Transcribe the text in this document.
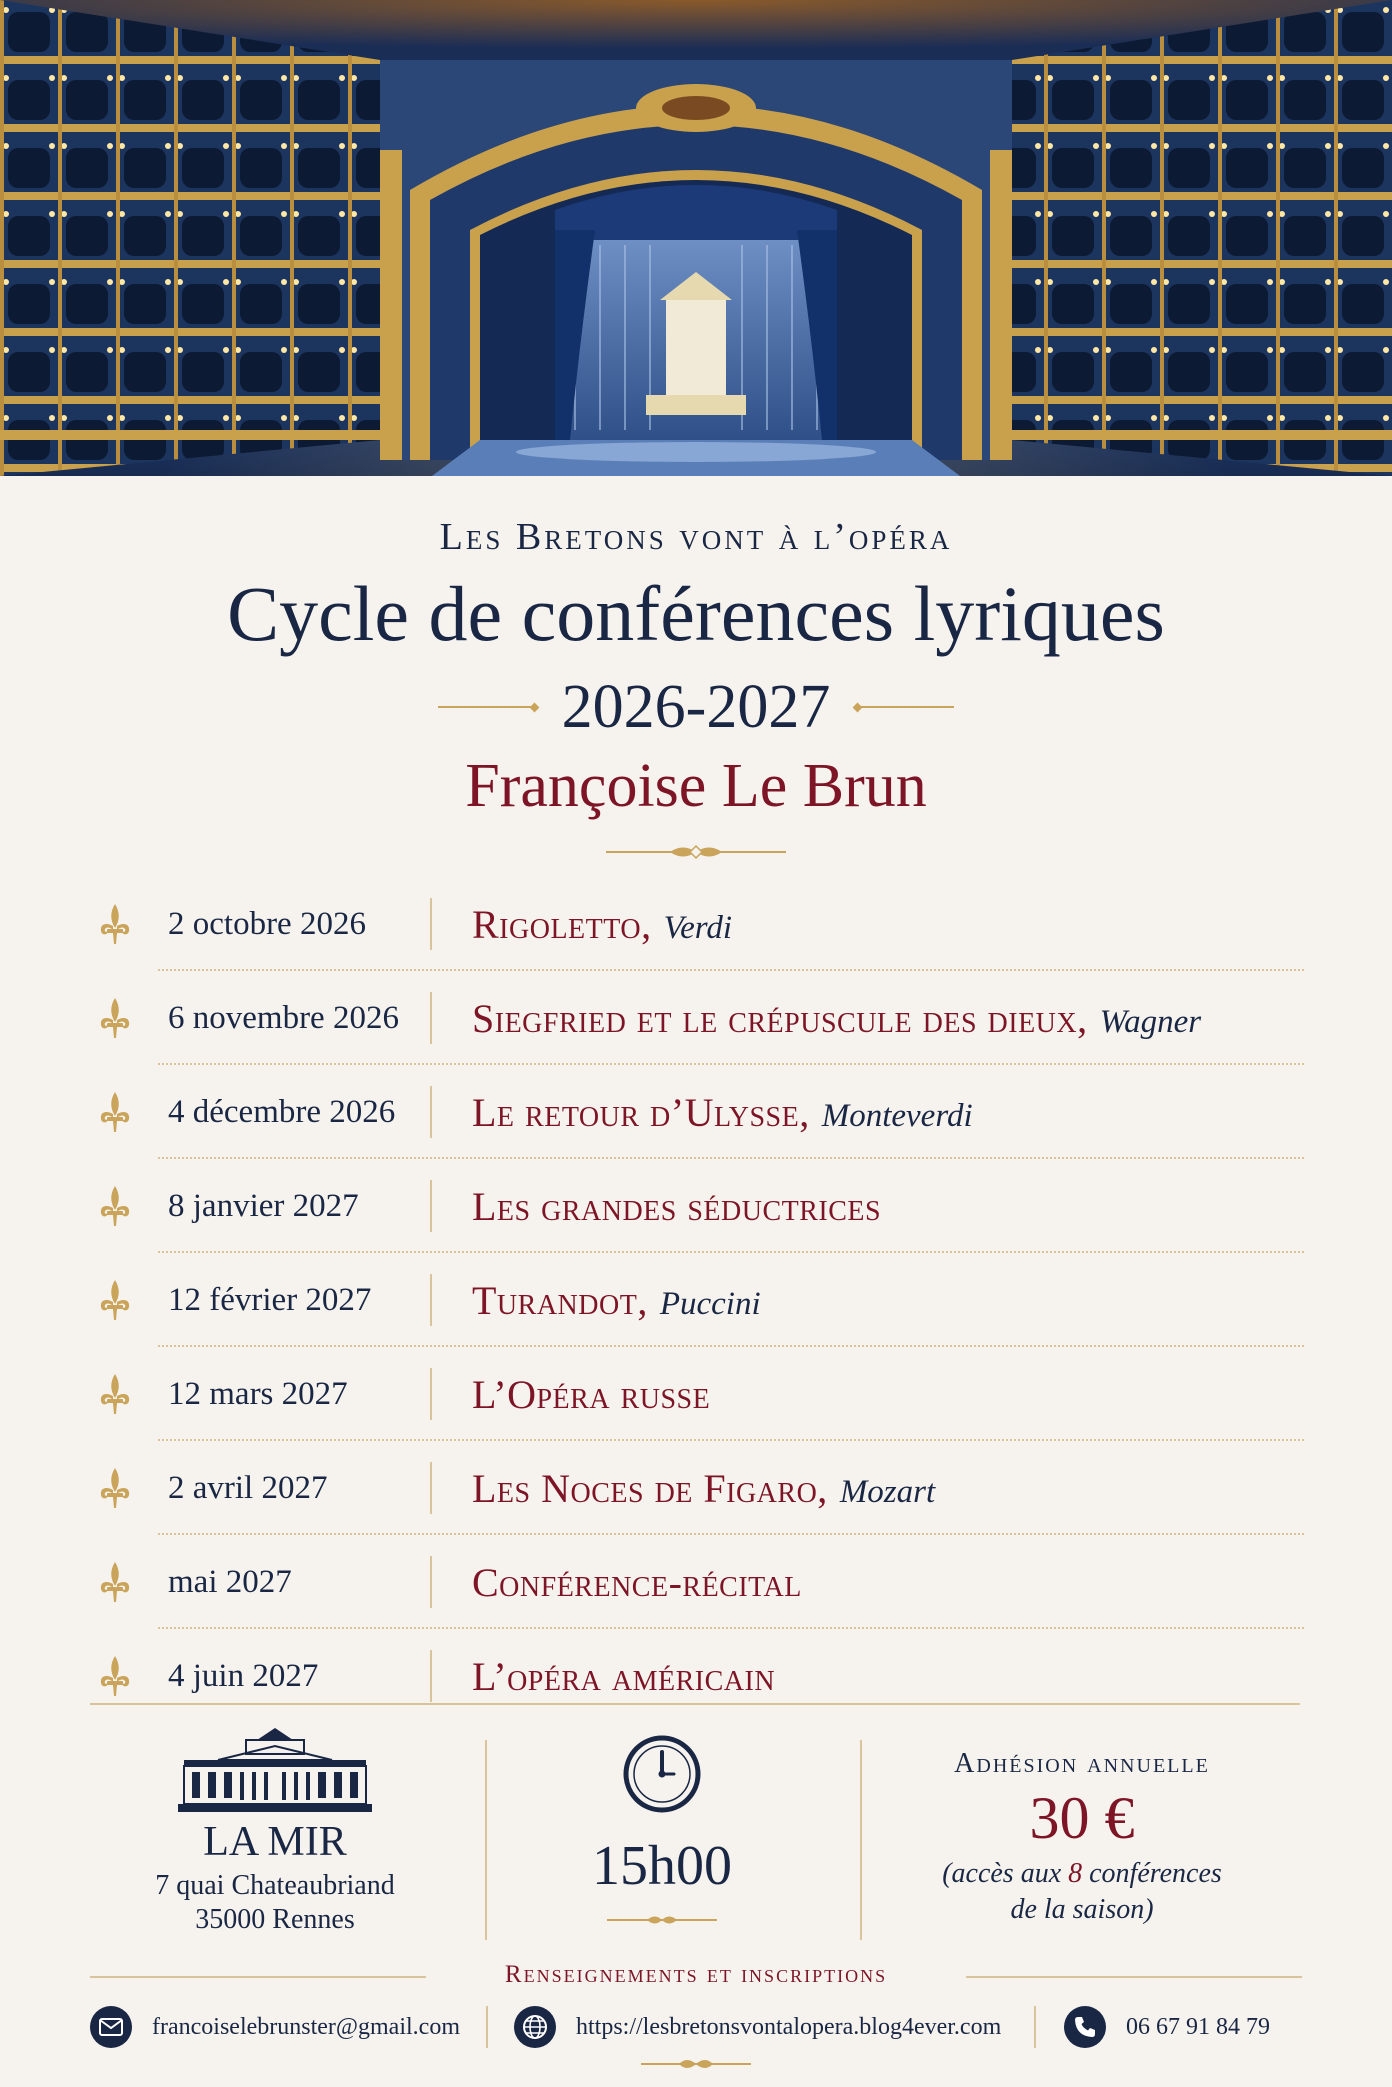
Les Bretons vont à l’opéra
Cycle de conférences lyriques
2026-2027
Françoise Le Brun
2 octobre 2026	Rigoletto, Verdi
6 novembre 2026	Siegfried et le crépuscule des dieux, Wagner
4 décembre 2026	Le retour d’Ulysse, Monteverdi
8 janvier 2027	Les grandes séductrices
12 février 2027	Turandot, Puccini
12 mars 2027	L’Opéra russe
2 avril 2027	Les Noces de Figaro, Mozart
mai 2027	Conférence-récital
4 juin 2027	L’opéra américain
LA MIR
7 quai Chateaubriand
35000 Rennes
15h00
Adhésion annuelle
30 €
(accès aux 8 conférences
de la saison)
Renseignements et inscriptions
francoiselebrunster@gmail.com	https://lesbretonsvontalopera.blog4ever.com	06 67 91 84 79
